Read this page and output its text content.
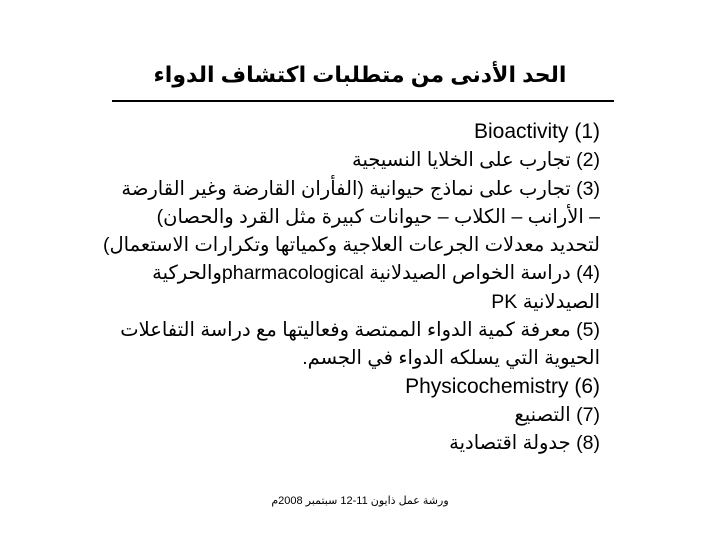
الحد الأدنى من متطلبات اكتشاف الدواء
Bioactivity (1)
(2) تجارب على الخلايا النسيجية
(3) تجارب على نماذج حيوانية (الفأران القارضة وغير القارضة
– الأرانب – الكلاب – حيوانات كبيرة مثل القرد والحصان)
لتحديد معدلات الجرعات العلاجية وكمياتها وتكرارات الاستعمال)
(4) دراسة الخواص الصيدلانية pharmacologicalوالحركية
الصيدلانية PK
(5) معرفة كمية الدواء الممتصة وفعاليتها مع دراسة التفاعلات
الحيوية التي يسلكه الدواء في الجسم.
Physicochemistry (6)
(7) التصنيع
(8) جدولة اقتصادية
ورشة عمل ذايون 11-12 سبتمبر 2008م
